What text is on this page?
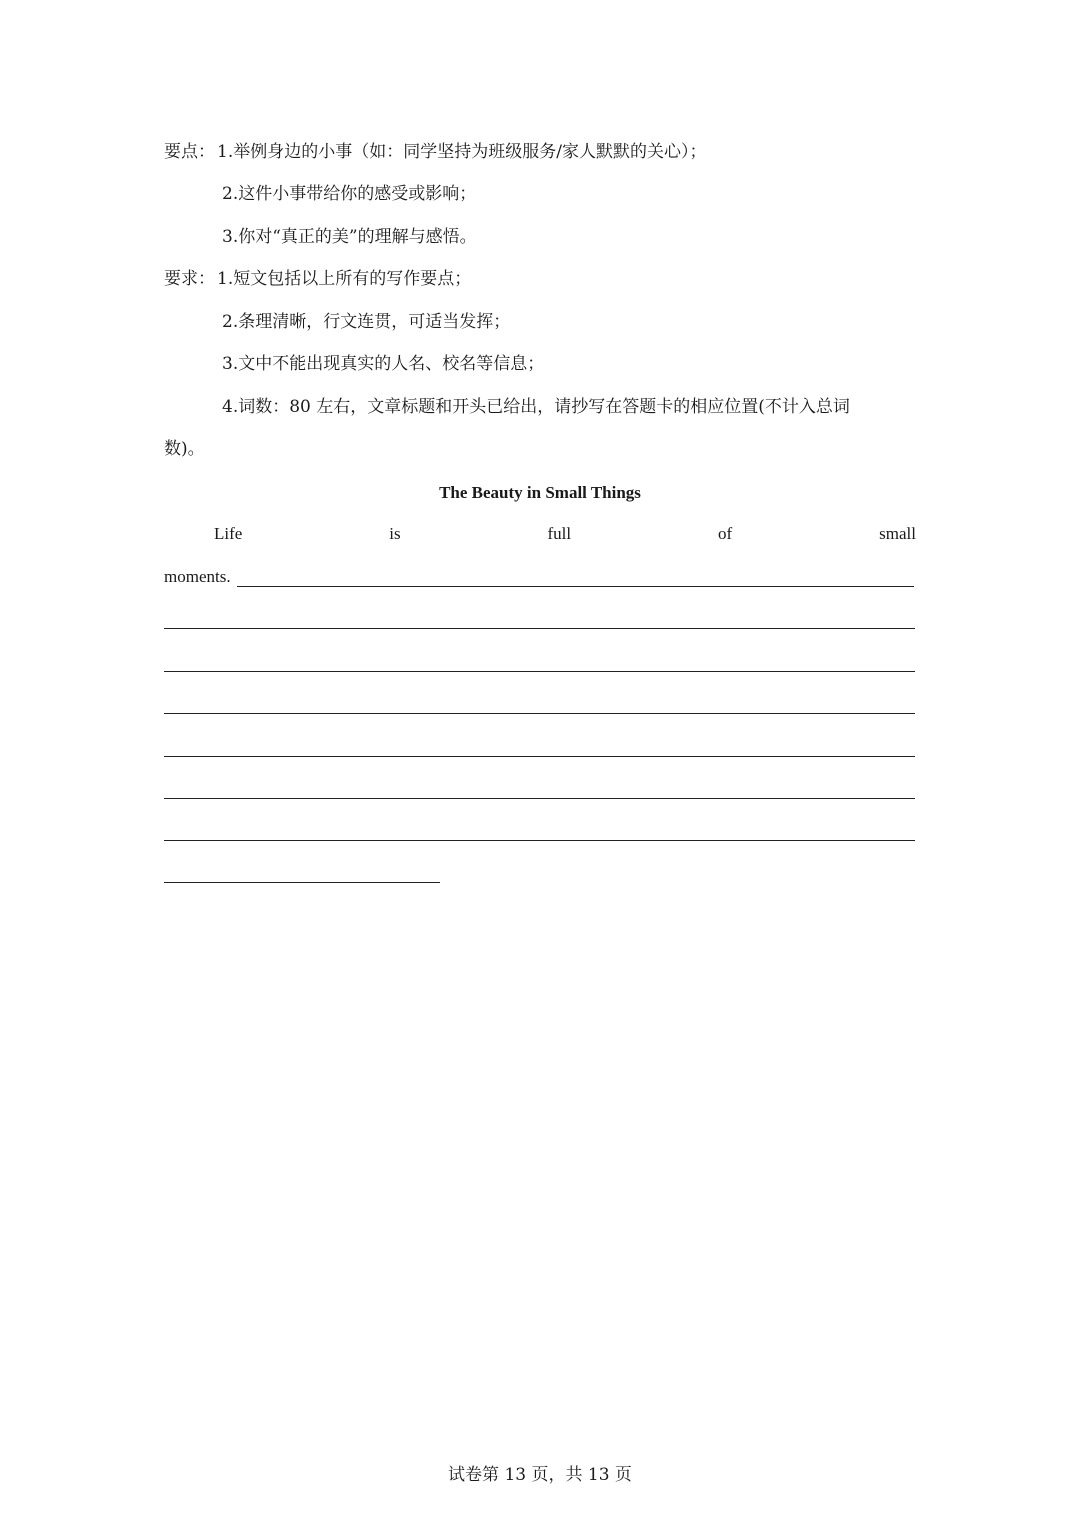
要点： 1.举例身边的小事（如：同学坚持为班级服务/家人默默的关心）；
2.这件小事带给你的感受或影响；
3.你对“真正的美”的理解与感悟。
要求： 1.短文包括以上所有的写作要点；
2.条理清晰，行文连贯，可适当发挥；
3.文中不能出现真实的人名、校名等信息；
4.词数：80 左右，文章标题和开头已给出，请抄写在答题卡的相应位置(不计入总词
数)。
The Beauty in Small Things
Life	is	full	of	small
moments.
试卷第 13 页，共 13 页
